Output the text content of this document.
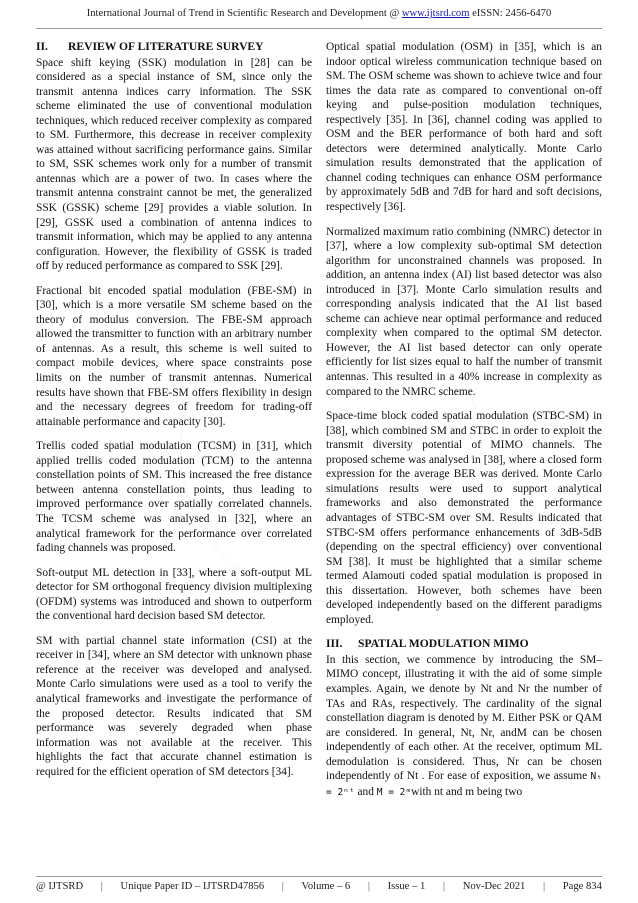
International Journal of Trend in Scientific Research and Development @ www.ijtsrd.com eISSN: 2456-6470
II.	REVIEW OF LITERATURE SURVEY

Space shift keying (SSK) modulation in [28] can be considered as a special instance of SM, since only the transmit antenna indices carry information. The SSK scheme eliminated the use of conventional modulation techniques, which reduced receiver complexity as compared to SM. Furthermore, this decrease in receiver complexity was attained without sacrificing performance gains. Similar to SM, SSK schemes work only for a number of transmit antennas which are a power of two. In cases where the transmit antenna constraint cannot be met, the generalized SSK (GSSK) scheme [29] provides a viable solution. In [29], GSSK used a combination of antenna indices to transmit information, which may be applied to any antenna configuration. However, the flexibility of GSSK is traded off by reduced performance as compared to SSK [29].

Fractional bit encoded spatial modulation (FBE-SM) in [30], which is a more versatile SM scheme based on the theory of modulus conversion. The FBE-SM approach allowed the transmitter to function with an arbitrary number of antennas. As a result, this scheme is well suited to compact mobile devices, where space constraints pose limits on the number of transmit antennas. Numerical results have shown that FBE-SM offers flexibility in design and the necessary degrees of freedom for trading-off attainable performance and capacity [30].

Trellis coded spatial modulation (TCSM) in [31], which applied trellis coded modulation (TCM) to the antenna constellation points of SM. This increased the free distance between antenna constellation points, thus leading to improved performance over spatially correlated channels. The TCSM scheme was analysed in [32], where an analytical framework for the performance over correlated fading channels was proposed.

Soft-output ML detection in [33], where a soft-output ML detector for SM orthogonal frequency division multiplexing (OFDM) systems was introduced and shown to outperform the conventional hard decision based SM detector.

SM with partial channel state information (CSI) at the receiver in [34], where an SM detector with unknown phase reference at the receiver was developed and analysed. Monte Carlo simulations were used as a tool to verify the analytical frameworks and investigate the performance of the proposed detector. Results indicated that SM performance was severely degraded when phase information was not available at the receiver. This highlights the fact that accurate channel estimation is required for the efficient operation of SM detectors [34].

Optical spatial modulation (OSM) in [35], which is an indoor optical wireless communication technique based on SM. The OSM scheme was shown to achieve twice and four times the data rate as compared to conventional on-off keying and pulse-position modulation techniques, respectively [35]. In [36], channel coding was applied to OSM and the BER performance of both hard and soft detectors were determined analytically. Monte Carlo simulation results demonstrated that the application of channel coding techniques can enhance OSM performance by approximately 5dB and 7dB for hard and soft decisions, respectively [36].

Normalized maximum ratio combining (NMRC) detector in [37], where a low complexity sub-optimal SM detection algorithm for unconstrained channels was proposed. In addition, an antenna index (AI) list based detector was also introduced in [37]. Monte Carlo simulation results and corresponding analysis indicated that the AI list based scheme can achieve near optimal performance and reduced complexity when compared to the optimal SM detector. However, the AI list based detector can only operate efficiently for list sizes equal to half the number of transmit antennas. This resulted in a 40% increase in complexity as compared to the NMRC scheme.

Space-time block coded spatial modulation (STBC-SM) in [38], which combined SM and STBC in order to exploit the transmit diversity potential of MIMO channels. The proposed scheme was analysed in [38], where a closed form expression for the average BER was derived. Monte Carlo simulations results were used to support analytical frameworks and also demonstrated the performance advantages of STBC-SM over SM. Results indicated that STBC-SM offers performance enhancements of 3dB-5dB (depending on the spectral efficiency) over conventional SM [38]. It must be highlighted that a similar scheme termed Alamouti coded spatial modulation is proposed in this dissertation. However, both schemes have been developed independently based on the different paradigms employed.

III.	SPATIAL MODULATION MIMO

In this section, we commence by introducing the SM–MIMO concept, illustrating it with the aid of some simple examples. Again, we denote by Nt and Nr the number of TAs and RAs, respectively. The cardinality of the signal constellation diagram is denoted by M. Either PSK or QAM are considered. In general, Nt, Nr, andM can be chosen independently of each other. At the receiver, optimum ML demodulation is considered. Thus, Nr can be chosen independently of Nt . For ease of exposition, we assume Nₜ = 2ⁿᵗ and M = 2ᵐwith nt and m being two

@ IJTSRD | Unique Paper ID – IJTSRD47856 | Volume – 6 | Issue – 1 | Nov-Dec 2021 | Page 834
